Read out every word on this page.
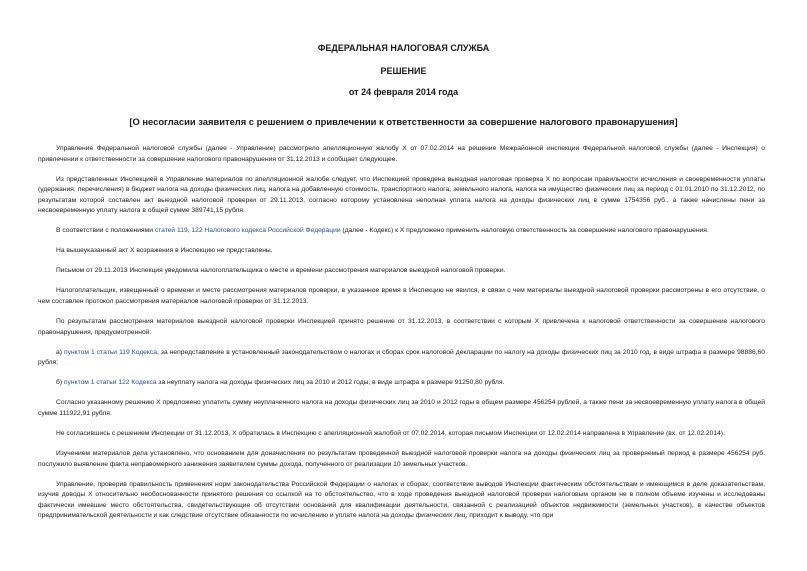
ФЕДЕРАЛЬНАЯ НАЛОГОВАЯ СЛУЖБА
РЕШЕНИЕ
от 24 февраля 2014 года
[О несогласии заявителя с решением о привлечении к ответственности за совершение налогового правонарушения]

Управление Федеральной налоговой службы (далее - Управление) рассмотрело апелляционную жалобу Х от 07.02.2014 на решение Межрайонной инспекции Федеральной налоговой службы (далее - Инспекция) о привлечении к ответственности за совершение налогового правонарушения от 31.12.2013 и сообщает следующее.

Из представленных Инспекцией в Управление материалов по апелляционной жалобе следует, что Инспекцией проведена выездная налоговая проверка Х по вопросам правильности исчисления и своевременности уплаты (удержания, перечисления) в бюджет налога на доходы физических лиц, налога на добавленную стоимость, транспортного налога, земельного налога, налога на имущество физических лиц за период с 01.01.2010 по 31.12.2012, по результатам которой составлен акт выездной налоговой проверки от 29.11.2013, согласно которому установлена неполная уплата налога на доходы физических лиц в сумме 1754356 руб., а также начислены пени за несвоевременную уплату налога в общей сумме 389741,15 рубля.

В соответствии с положениями статей 119, 122 Налогового кодекса Российской Федерации (далее - Кодекс) к Х предложено применить налоговую ответственность за совершение налогового правонарушения.

На вышеуказанный акт Х возражения в Инспекцию не представлены.

Письмом от 29.11.2013 Инспекция уведомила налогоплательщика о месте и времени рассмотрения материалов выездной налоговой проверки.

Налогоплательщик, извещенный о времени и месте рассмотрения материалов проверки, в указанное время в Инспекцию не явился, в связи с чем материалы выездной налоговой проверки рассмотрены в его отсутствие, о чем составлен протокол рассмотрения материалов налоговой проверки от 31.12.2013.

По результатам рассмотрения материалов выездной налоговой проверки Инспекцией принято решение от 31.12.2013, в соответствии с которым Х привлечена к налоговой ответственности за совершение налогового правонарушения, предусмотренной:

а) пунктом 1 статьи 119 Кодекса, за непредставление в установленный законодательством о налогах и сборах срок налоговой декларации по налогу на доходы физических лиц за 2010 год, в виде штрафа в размере 98886,60 рубля;

б) пунктом 1 статьи 122 Кодекса за неуплату налога на доходы физических лиц за 2010 и 2012 годы, в виде штрафа в размере 91250,80 рубля.

Согласно указанному решению Х предложено уплатить сумму неуплаченного налога на доходы физических лиц за 2010 и 2012 годы в общем размере 456254 рублей, а также пени за несвоевременную уплату налога в общей сумме 111922,91 рубля.

Не согласившись с решением Инспекции от 31.12.2013, Х обратилась в Инспекцию с апелляционной жалобой от 07.02.2014, которая письмом Инспекции от 12.02.2014 направлена в Управление (вх. от 12.02.2014).

Изучением материалов дела установлено, что основанием для доначисления по результатам проведенной выездной налоговой проверки налога на доходы физических лиц за проверяемый период в размере 456254 руб. послужило выявление факта неправомерного занижения заявителем суммы дохода, полученного от реализации 10 земельных участков.

Управление, проверив правильность применения норм законодательства Российской Федерации о налогах и сборах, соответствие выводов Инспекции фактическим обстоятельствам и имеющимся в деле доказательствам, изучив доводы Х относительно необоснованности принятого решения со ссылкой на то обстоятельство, что в ходе проведения выездной налоговой проверки налоговым органом не в полном объеме изучены и исследованы фактически имевшие место обстоятельства, свидетельствующие об отсутствии оснований для квалификации деятельности, связанной с реализацией объектов недвижимости (земельных участков), в качестве объектов предпринимательской деятельности и как следствие отсутствие обязанности по исчислению и уплате налога на доходы физических лиц, приходит к выводу, что при
